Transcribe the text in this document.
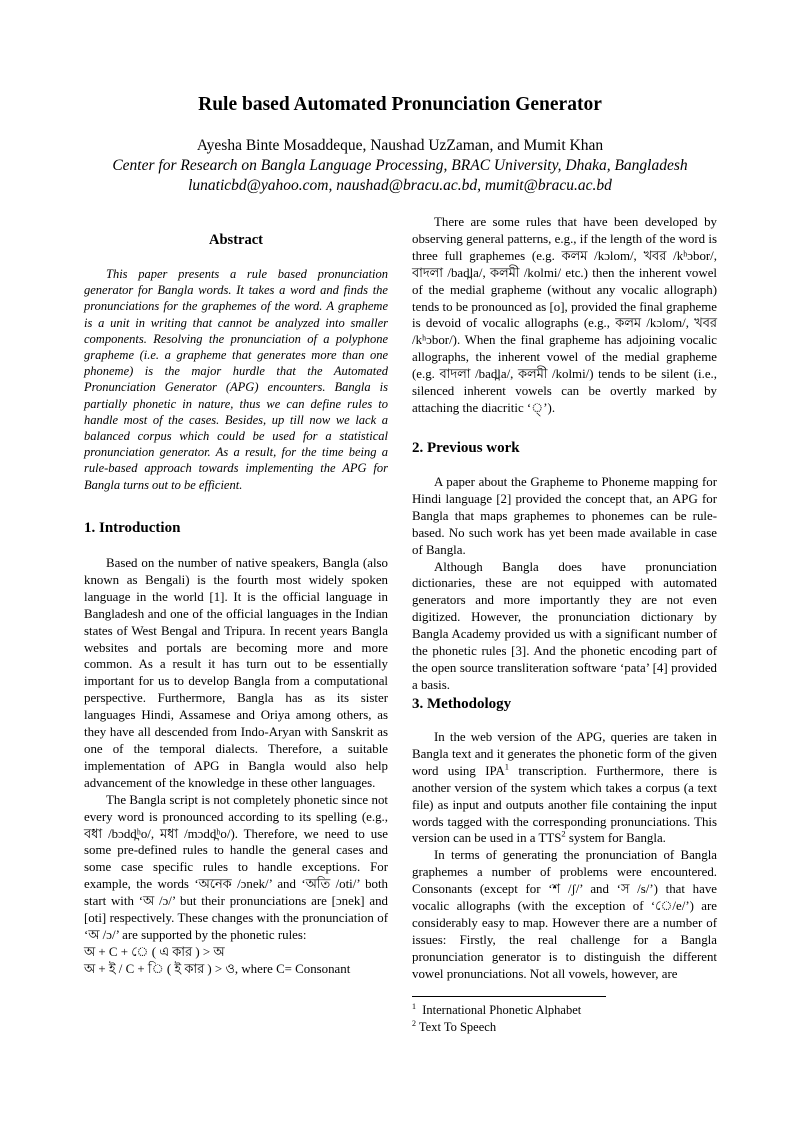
Rule based Automated Pronunciation Generator
Ayesha Binte Mosaddeque, Naushad UzZaman, and Mumit Khan
Center for Research on Bangla Language Processing, BRAC University, Dhaka, Bangladesh
lunaticbd@yahoo.com, naushad@bracu.ac.bd, mumit@bracu.ac.bd
Abstract

This paper presents a rule based pronunciation generator for Bangla words. It takes a word and finds the pronunciations for the graphemes of the word. A grapheme is a unit in writing that cannot be analyzed into smaller components. Resolving the pronunciation of a polyphone grapheme (i.e. a grapheme that generates more than one phoneme) is the major hurdle that the Automated Pronunciation Generator (APG) encounters. Bangla is partially phonetic in nature, thus we can define rules to handle most of the cases. Besides, up till now we lack a balanced corpus which could be used for a statistical pronunciation generator. As a result, for the time being a rule-based approach towards implementing the APG for Bangla turns out to be efficient.

1. Introduction

Based on the number of native speakers, Bangla (also known as Bengali) is the fourth most widely spoken language in the world [1]. It is the official language in Bangladesh and one of the official languages in the Indian states of West Bengal and Tripura. In recent years Bangla websites and portals are becoming more and more common. As a result it has turn out to be essentially important for us to develop Bangla from a computational perspective. Furthermore, Bangla has as its sister languages Hindi, Assamese and Oriya among others, as they have all descended from Indo-Aryan with Sanskrit as one of the temporal dialects. Therefore, a suitable implementation of APG in Bangla would also help advancement of the knowledge in these other languages.

The Bangla script is not completely phonetic since not every word is pronounced according to its spelling (e.g., বধা /bɔdd̪ʰo/, মধা /mɔdd̪ʰo/). Therefore, we need to use some pre-defined rules to handle the general cases and some case specific rules to handle exceptions. For example, the words ‘অনেক /ɔnek/’ and ‘অতি /oti/’ both start with ‘অ /ɔ/’ but their pronunciations are [ɔnek] and [oti] respectively. These changes with the pronunciation of ‘অ /ɔ/’ are supported by the phonetic rules:

অ + C + ে ( এ কার ) > অ

অ + ই / C + ি ( ই কার ) > ও, where C= Consonant

There are some rules that have been developed by observing general patterns, e.g., if the length of the word is three full graphemes (e.g. কলম /kɔlom/, খবর /kʰɔbor/, বাদলা /bad̪la/, কলমী /kolmi/ etc.) then the inherent vowel of the medial grapheme (without any vocalic allograph) tends to be pronounced as [o], provided the final grapheme is devoid of vocalic allographs (e.g., কলম /kɔlom/, খবর /kʰɔbor/). When the final grapheme has adjoining vocalic allographs, the inherent vowel of the medial grapheme (e.g. বাদলা /bad̪la/, কলমী /kolmi/) tends to be silent (i.e., silenced inherent vowels can be overtly marked by attaching the diacritic ‘্’).

2. Previous work

A paper about the Grapheme to Phoneme mapping for Hindi language [2] provided the concept that, an APG for Bangla that maps graphemes to phonemes can be rule-based. No such work has yet been made available in case of Bangla.

Although Bangla does have pronunciation dictionaries, these are not equipped with automated generators and more importantly they are not even digitized. However, the pronunciation dictionary by Bangla Academy provided us with a significant number of the phonetic rules [3]. And the phonetic encoding part of the open source transliteration software ‘pata’ [4] provided a basis.

3. Methodology

In the web version of the APG, queries are taken in Bangla text and it generates the phonetic form of the given word using IPA$^1$ transcription. Furthermore, there is another version of the system which takes a corpus (a text file) as input and outputs another file containing the input words tagged with the corresponding pronunciations. This version can be used in a TTS$^2$ system for Bangla.

In terms of generating the pronunciation of Bangla graphemes a number of problems were encountered. Consonants (except for ‘শ /ʃ/’ and ‘স /s/’) that have vocalic allographs (with the exception of ‘ে/e/’) are considerably easy to map. However there are a number of issues: Firstly, the real challenge for a Bangla pronunciation generator is to distinguish the different vowel pronunciations. Not all vowels, however, are

$^1$ International Phonetic Alphabet
$^2$ Text To Speech
